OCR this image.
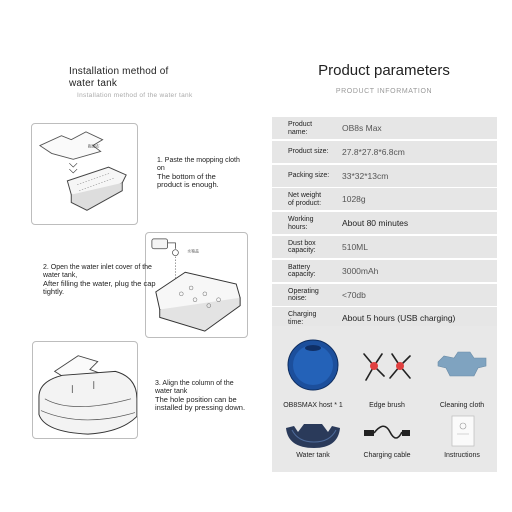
Installation method of
water tank
Installation method of the water tank
拖地布
1. Paste the mopping cloth
on
The bottom of the
product is enough.
水箱盖
2. Open the water inlet cover of the
water tank,
After filling the water, plug the cap
tightly.
3. Align the column of the
water tank
The hole position can be
installed by pressing down.
Product parameters
PRODUCT INFORMATION
Product
name:	OB8s Max
Product size:	27.8*27.8*6.8cm
Packing size:	33*32*13cm
Net weight
of product:	1028g
Working
hours:	About 80 minutes
Dust box
capacity:	510ML
Battery
capacity:	3000mAh
Operating
noise:	<70db
Charging
time:	About 5 hours (USB charging)
OB8SMAX host * 1	Edge brush	Cleaning cloth
Water tank	Charging cable	Instructions
